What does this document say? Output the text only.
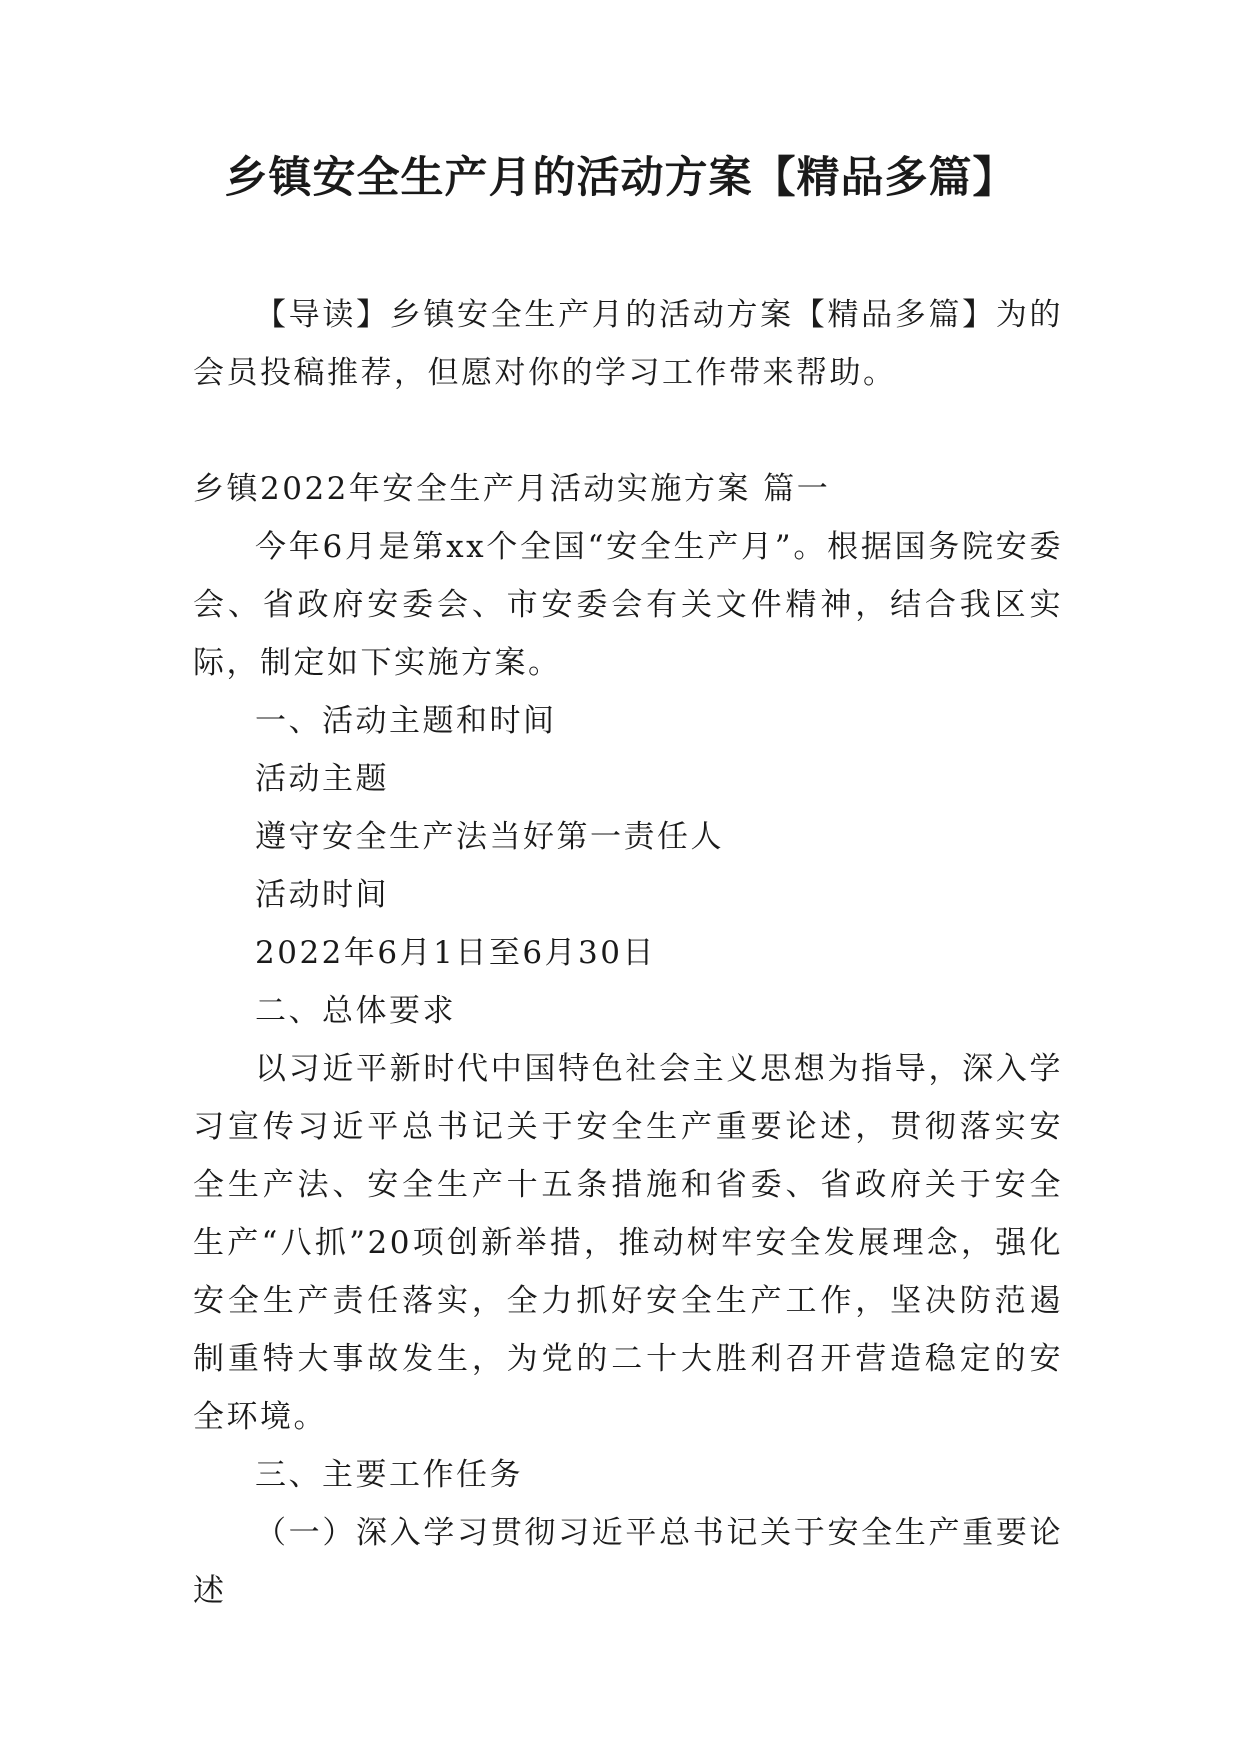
乡镇安全生产月的活动方案【精品多篇】

【导读】乡镇安全生产月的活动方案【精品多篇】为的会员投稿推荐，但愿对你的学习工作带来帮助。

乡镇2022年安全生产月活动实施方案 篇一

今年6月是第xx个全国“安全生产月”。根据国务院安委会、省政府安委会、市安委会有关文件精神，结合我区实际，制定如下实施方案。

一、活动主题和时间

活动主题

遵守安全生产法当好第一责任人

活动时间

2022年6月1日至6月30日

二、总体要求

以习近平新时代中国特色社会主义思想为指导，深入学习宣传习近平总书记关于安全生产重要论述，贯彻落实安全生产法、安全生产十五条措施和省委、省政府关于安全生产“八抓”20项创新举措，推动树牢安全发展理念，强化安全生产责任落实，全力抓好安全生产工作，坚决防范遏制重特大事故发生，为党的二十大胜利召开营造稳定的安全环境。

三、主要工作任务

（一）深入学习贯彻习近平总书记关于安全生产重要论述
